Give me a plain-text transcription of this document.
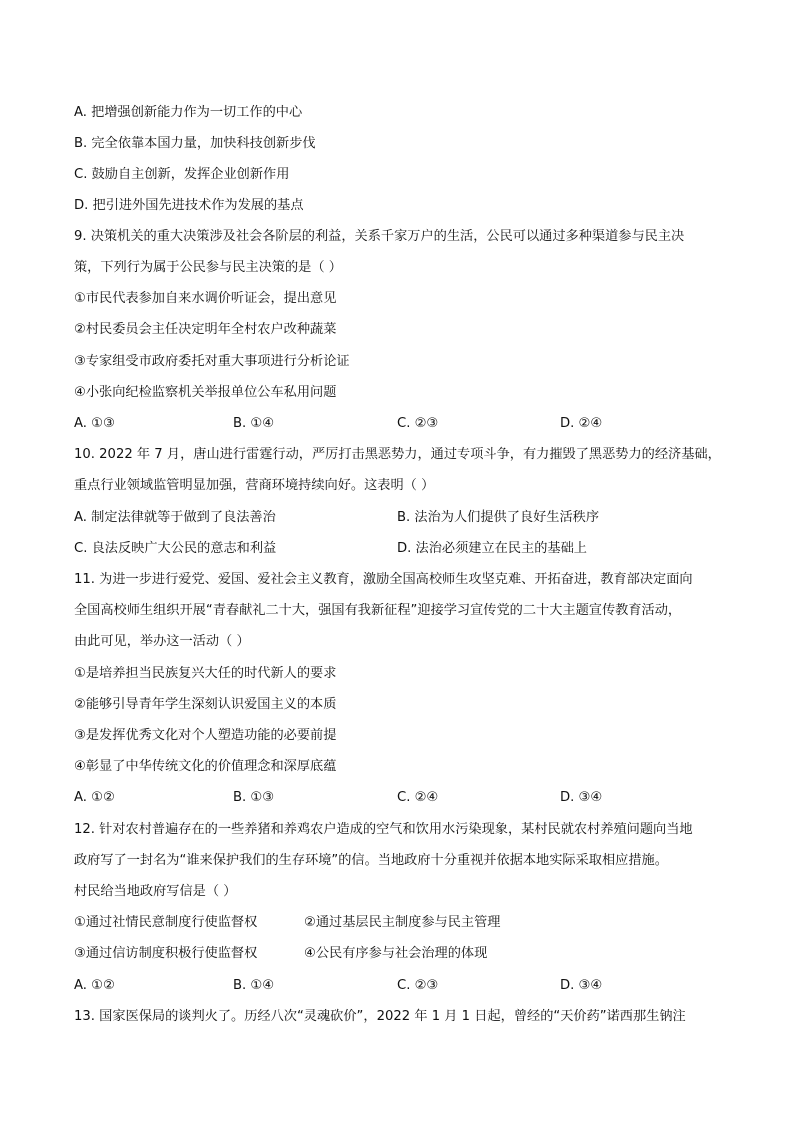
A. 把增强创新能力作为一切工作的中心
B. 完全依靠本国力量，加快科技创新步伐
C. 鼓励自主创新，发挥企业创新作用
D. 把引进外国先进技术作为发展的基点
9. 决策机关的重大决策涉及社会各阶层的利益，关系千家万户的生活，公民可以通过多种渠道参与民主决
策，下列行为属于公民参与民主决策的是（ ）
①市民代表参加自来水调价听证会，提出意见
②村民委员会主任决定明年全村农户改种蔬菜
③专家组受市政府委托对重大事项进行分析论证
④小张向纪检监察机关举报单位公车私用问题
A. ①③	B. ①④	C. ②③	D. ②④
10. 2022 年 7 月，唐山进行雷霆行动，严厉打击黑恶势力，通过专项斗争，有力摧毁了黑恶势力的经济基础，
重点行业领域监管明显加强，营商环境持续向好。这表明（ ）
A. 制定法律就等于做到了良法善治	B. 法治为人们提供了良好生活秩序
C. 良法反映广大公民的意志和利益	D. 法治必须建立在民主的基础上
11. 为进一步进行爱党、爱国、爱社会主义教育，激励全国高校师生攻坚克难、开拓奋进，教育部决定面向
全国高校师生组织开展“青春献礼二十大，强国有我新征程”迎接学习宣传党的二十大主题宣传教育活动，
由此可见，举办这一活动（ ）
①是培养担当民族复兴大任的时代新人的要求
②能够引导青年学生深刻认识爱国主义的本质
③是发挥优秀文化对个人塑造功能的必要前提
④彰显了中华传统文化的价值理念和深厚底蕴
A. ①②	B. ①③	C. ②④	D. ③④
12. 针对农村普遍存在的一些养猪和养鸡农户造成的空气和饮用水污染现象，某村民就农村养殖问题向当地
政府写了一封名为“谁来保护我们的生存环境”的信。当地政府十分重视并依据本地实际采取相应措施。
村民给当地政府写信是（ ）
①通过社情民意制度行使监督权	②通过基层民主制度参与民主管理
③通过信访制度积极行使监督权	④公民有序参与社会治理的体现
A. ①②	B. ①④	C. ②③	D. ③④
13. 国家医保局的谈判火了。历经八次“灵魂砍价”，2022 年 1 月 1 日起，曾经的“天价药”诺西那生钠注
